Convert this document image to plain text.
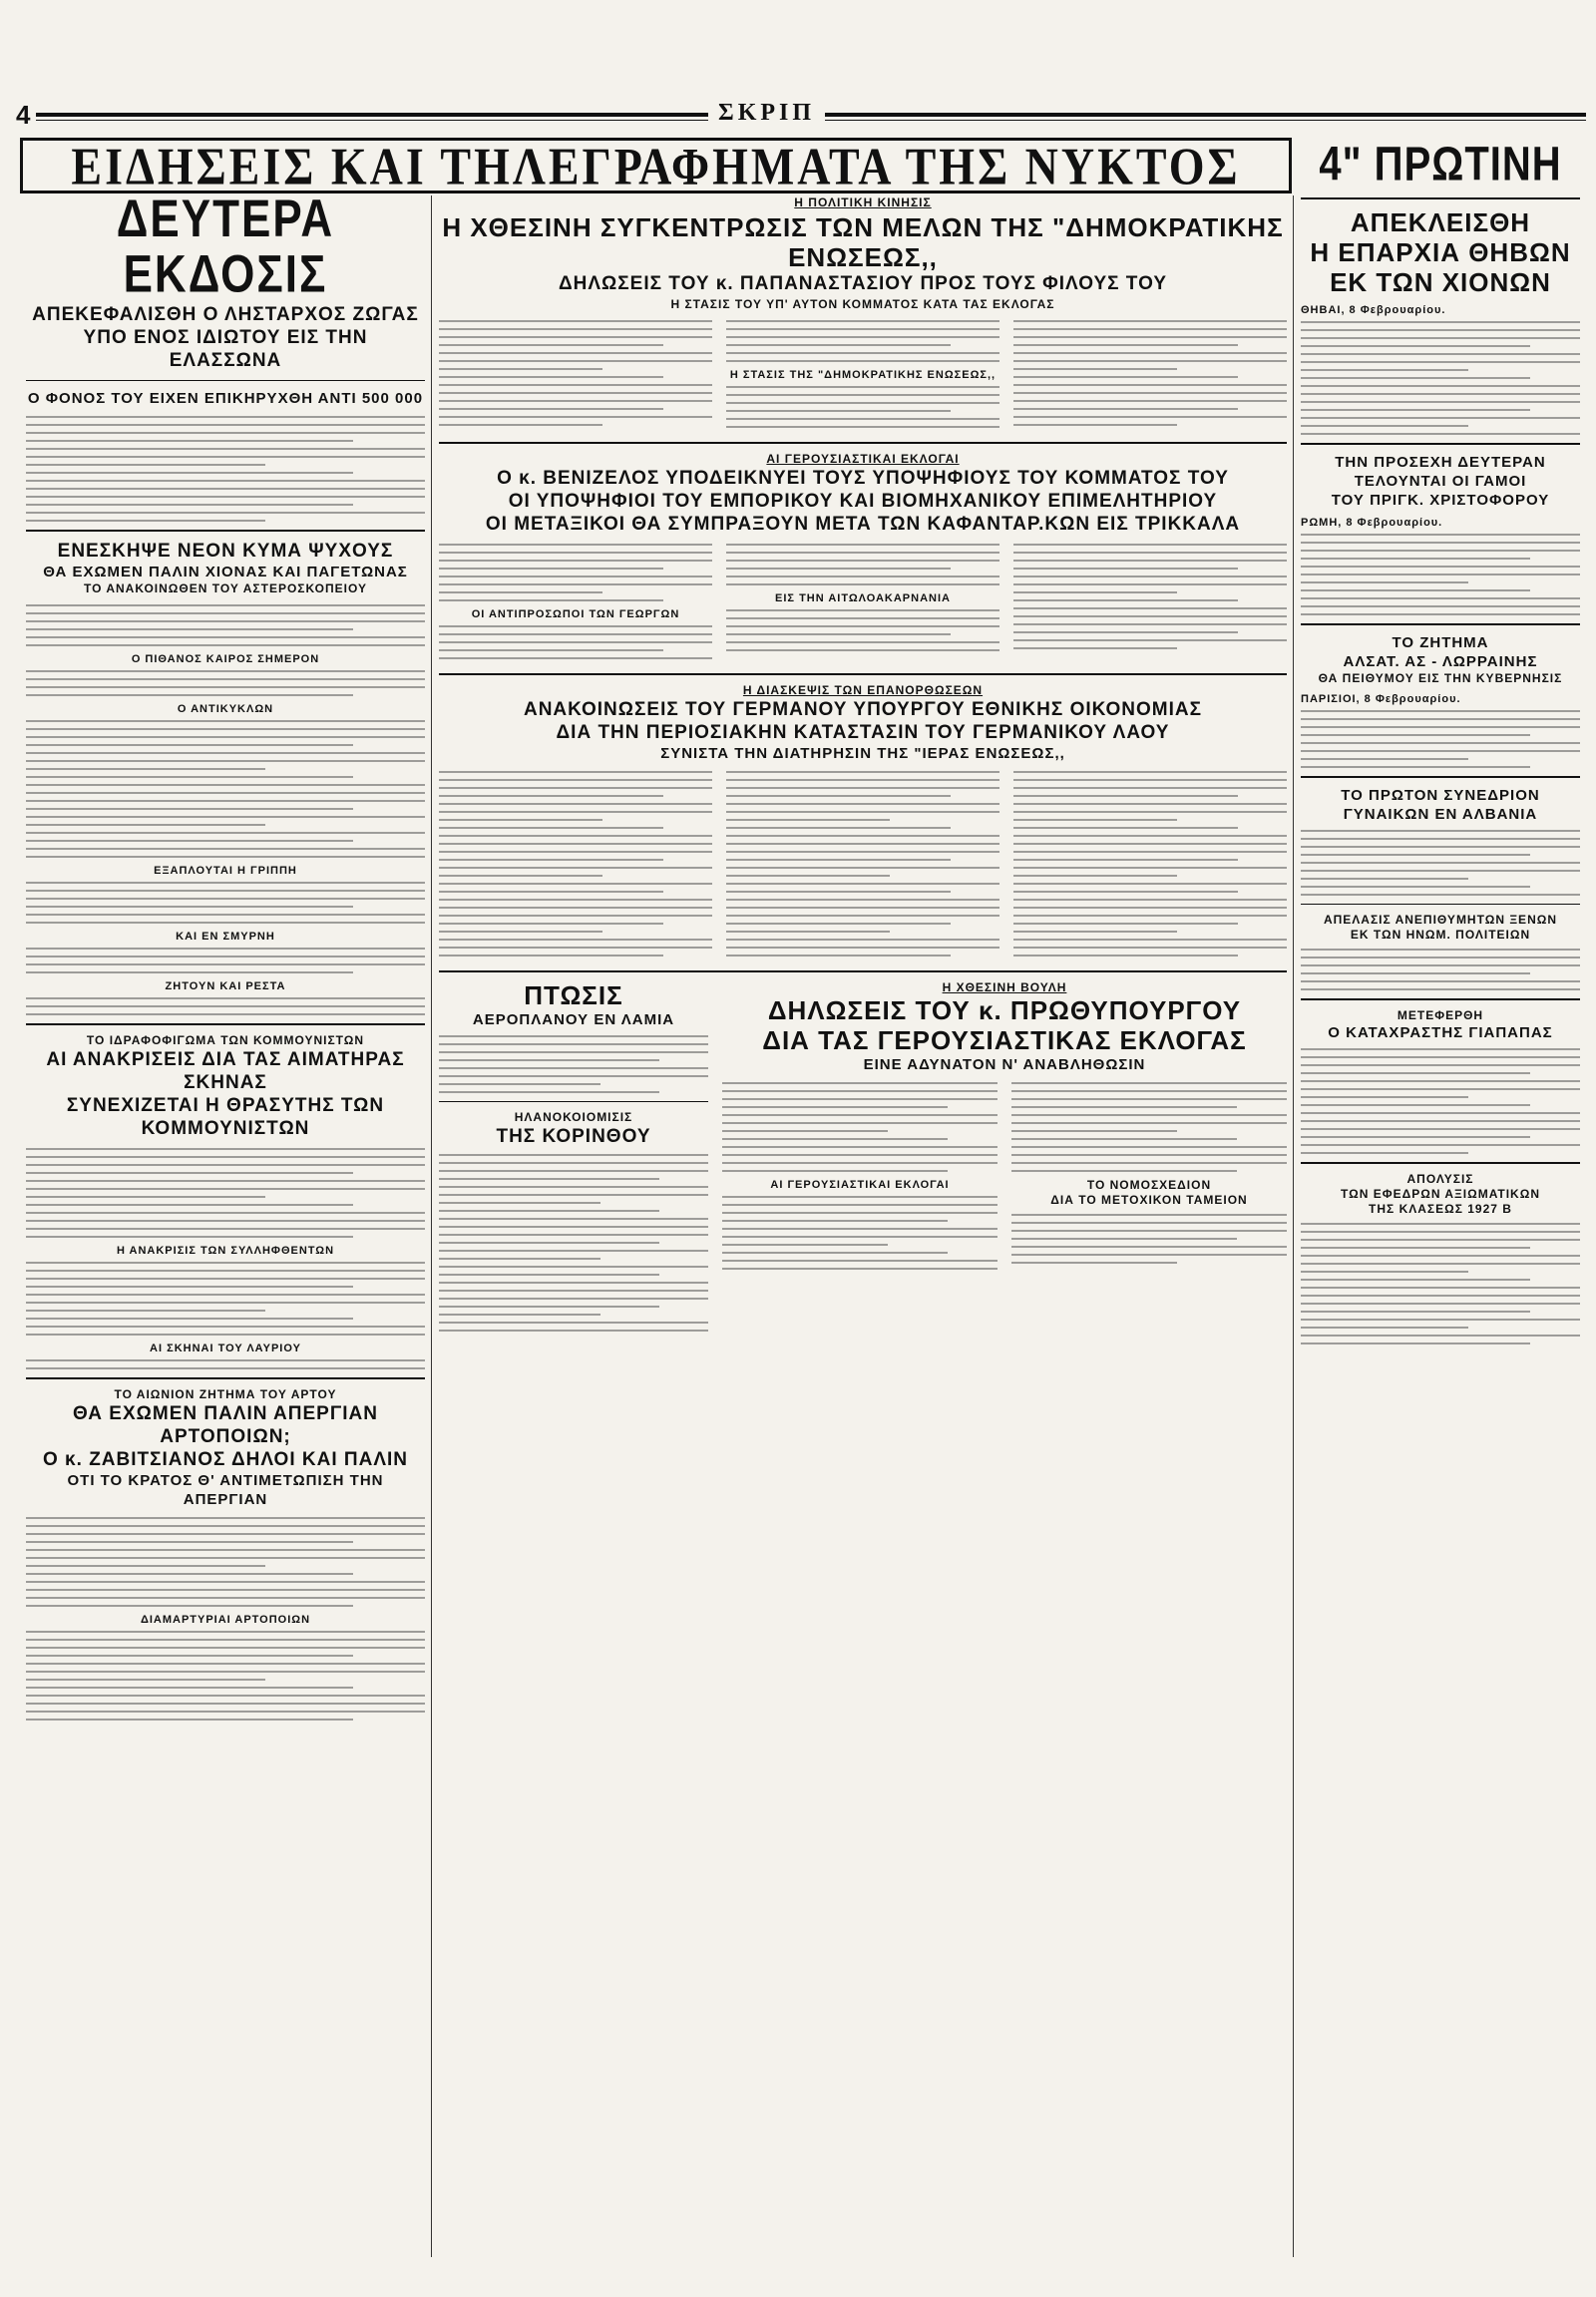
4	ΣΚΡΙΠ
ΕΙΔΗΣΕΙΣ ΚΑΙ ΤΗΛΕΓΡΑΦΗΜΑΤΑ ΤΗΣ ΝΥΚΤΟΣ
ΔΕΥΤΕΡΑ ΕΚΔΟΣΙΣ
ΑΠΕΚΕΦΑΛΙΣΘΗ Ο ΛΗΣΤΑΡΧΟΣ ΖΩΓΑΣ
ΥΠΟ ΕΝΟΣ ΙΔΙΩΤΟΥ ΕΙΣ ΤΗΝ ΕΛΑΣΣΩΝΑ
Ο ΦΟΝΟΣ ΤΟΥ ΕΙΧΕΝ ΕΠΙΚΗΡΥΧΘΗ ΑΝΤΙ 500 000
ΕΝΕΣΚΗΨΕ ΝΕΟΝ ΚΥΜΑ ΨΥΧΟΥΣ
ΘΑ ΕΧΩΜΕΝ ΠΑΛΙΝ ΧΙΟΝΑΣ ΚΑΙ ΠΑΓΕΤΩΝΑΣ
ΤΟ ΑΝΑΚΟΙΝΩΘΕΝ ΤΟΥ ΑΣΤΕΡΟΣΚΟΠΕΙΟΥ
Ο ΠΙΘΑΝΟΣ ΚΑΙΡΟΣ ΣΗΜΕΡΟΝ
Ο ΑΝΤΙΚΥΚΛΩΝ
ΕΞΑΠΛΟΥΤΑΙ Η ΓΡΙΠΠΗ
ΚΑΙ ΕΝ ΣΜΥΡΝΗ
ΖΗΤΟΥΝ ΚΑΙ ΡΕΣΤΑ
ΤΟ ΙΔΡΑΦΟΦΙΓΩΜΑ ΤΩΝ ΚΟΜΜΟΥΝΙΣΤΩΝ
ΑΙ ΑΝΑΚΡΙΣΕΙΣ ΔΙΑ ΤΑΣ ΑΙΜΑΤΗΡΑΣ ΣΚΗΝΑΣ
ΣΥΝΕΧΙΖΕΤΑΙ Η ΘΡΑΣΥΤΗΣ ΤΩΝ ΚΟΜΜΟΥΝΙΣΤΩΝ
Η ΑΝΑΚΡΙΣΙΣ ΤΩΝ ΣΥΛΛΗΦΘΕΝΤΩΝ
ΑΙ ΣΚΗΝΑΙ ΤΟΥ ΛΑΥΡΙΟΥ
ΤΟ ΑΙΩΝΙΟΝ ΖΗΤΗΜΑ ΤΟΥ ΑΡΤΟΥ
ΘΑ ΕΧΩΜΕΝ ΠΑΛΙΝ ΑΠΕΡΓΙΑΝ ΑΡΤΟΠΟΙΩΝ;
Ο κ. ΖΑΒΙΤΣΙΑΝΟΣ ΔΗΛΟΙ ΚΑΙ ΠΑΛΙΝ
ΟΤΙ ΤΟ ΚΡΑΤΟΣ Θ' ΑΝΤΙΜΕΤΩΠΙΣΗ ΤΗΝ ΑΠΕΡΓΙΑΝ
ΔΙΑΜΑΡΤΥΡΙΑΙ ΑΡΤΟΠΟΙΩΝ
Η ΠΟΛΙΤΙΚΗ ΚΙΝΗΣΙΣ
Η ΧΘΕΣΙΝΗ ΣΥΓΚΕΝΤΡΩΣΙΣ ΤΩΝ ΜΕΛΩΝ ΤΗΣ "ΔΗΜΟΚΡΑΤΙΚΗΣ ΕΝΩΣΕΩΣ,,
ΔΗΛΩΣΕΙΣ ΤΟΥ κ. ΠΑΠΑΝΑΣΤΑΣΙΟΥ ΠΡΟΣ ΤΟΥΣ ΦΙΛΟΥΣ ΤΟΥ
Η ΣΤΑΣΙΣ ΤΟΥ ΥΠ' ΑΥΤΟΝ ΚΟΜΜΑΤΟΣ ΚΑΤΑ ΤΑΣ ΕΚΛΟΓΑΣ
Η ΣΤΑΣΙΣ ΤΗΣ "ΔΗΜΟΚΡΑΤΙΚΗΣ ΕΝΩΣΕΩΣ,,
ΑΙ ΓΕΡΟΥΣΙΑΣΤΙΚΑΙ ΕΚΛΟΓΑΙ
Ο κ. ΒΕΝΙΖΕΛΟΣ ΥΠΟΔΕΙΚΝΥΕΙ ΤΟΥΣ ΥΠΟΨΗΦΙΟΥΣ ΤΟΥ ΚΟΜΜΑΤΟΣ ΤΟΥ
ΟΙ ΥΠΟΨΗΦΙΟΙ ΤΟΥ ΕΜΠΟΡΙΚΟΥ ΚΑΙ ΒΙΟΜΗΧΑΝΙΚΟΥ ΕΠΙΜΕΛΗΤΗΡΙΟΥ
ΟΙ ΜΕΤΑΞΙΚΟΙ ΘΑ ΣΥΜΠΡΑΞΟΥΝ ΜΕΤΑ ΤΩΝ ΚΑΦΑΝΤΑΡ.ΚΩΝ ΕΙΣ ΤΡΙΚΚΑΛΑ
ΟΙ ΑΝΤΙΠΡΟΣΩΠΟΙ ΤΩΝ ΓΕΩΡΓΩΝ
ΕΙΣ ΤΗΝ ΑΙΤΩΛΟΑΚΑΡΝΑΝΙΑ
Η ΔΙΑΣΚΕΨΙΣ ΤΩΝ ΕΠΑΝΟΡΘΩΣΕΩΝ
ΑΝΑΚΟΙΝΩΣΕΙΣ ΤΟΥ ΓΕΡΜΑΝΟΥ ΥΠΟΥΡΓΟΥ ΕΘΝΙΚΗΣ ΟΙΚΟΝΟΜΙΑΣ
ΔΙΑ ΤΗΝ ΠΕΡΙΟΣΙΑΚΗΝ ΚΑΤΑΣΤΑΣΙΝ ΤΟΥ ΓΕΡΜΑΝΙΚΟΥ ΛΑΟΥ
ΣΥΝΙΣΤΑ ΤΗΝ ΔΙΑΤΗΡΗΣΙΝ ΤΗΣ "ΙΕΡΑΣ ΕΝΩΣΕΩΣ,,
ΠΤΩΣΙΣ
ΑΕΡΟΠΛΑΝΟΥ ΕΝ ΛΑΜΙΑ
ΗΛΑΝΟΚΟΙΟΜΙΣΙΣ
ΤΗΣ ΚΟΡΙΝΘΟΥ
Η ΧΘΕΣΙΝΗ ΒΟΥΛΗ
ΔΗΛΩΣΕΙΣ ΤΟΥ κ. ΠΡΩΘΥΠΟΥΡΓΟΥ
ΔΙΑ ΤΑΣ ΓΕΡΟΥΣΙΑΣΤΙΚΑΣ ΕΚΛΟΓΑΣ
ΕΙΝΕ ΑΔΥΝΑΤΟΝ Ν' ΑΝΑΒΛΗΘΩΣΙΝ
ΑΙ ΓΕΡΟΥΣΙΑΣΤΙΚΑΙ ΕΚΛΟΓΑΙ	ΤΟ ΝΟΜΟΣΧΕΔΙΟΝ
ΔΙΑ ΤΟ ΜΕΤΟΧΙΚΟΝ ΤΑΜΕΙΟΝ
4" ΠΡΩΤΙΝΗ
ΑΠΕΚΛΕΙΣΘΗ
Η ΕΠΑΡΧΙΑ ΘΗΒΩΝ
ΕΚ ΤΩΝ ΧΙΟΝΩΝ
ΘΗΒΑΙ, 8 Φεβρουαρίου.
ΤΗΝ ΠΡΟΣΕΧΗ ΔΕΥΤΕΡΑΝ
ΤΕΛΟΥΝΤΑΙ ΟΙ ΓΑΜΟΙ
ΤΟΥ ΠΡΙΓΚ. ΧΡΙΣΤΟΦΟΡΟΥ
ΡΩΜΗ, 8 Φεβρουαρίου.
ΤΟ ΖΗΤΗΜΑ
ΑΛΣΑΤ. ΑΣ - ΛΩΡΡΑΙΝΗΣ
ΘΑ ΠΕΙΘΥΜΟΥ ΕΙΣ ΤΗΝ ΚΥΒΕΡΝΗΣΙΣ
ΠΑΡΙΣΙΟΙ, 8 Φεβρουαρίου.
ΤΟ ΠΡΩΤΟΝ ΣΥΝΕΔΡΙΟΝ
ΓΥΝΑΙΚΩΝ ΕΝ ΑΛΒΑΝΙΑ
ΑΠΕΛΑΣΙΣ ΑΝΕΠΙΘΥΜΗΤΩΝ ΞΕΝΩΝ
ΕΚ ΤΩΝ ΗΝΩΜ. ΠΟΛΙΤΕΙΩΝ
ΜΕΤΕΦΕΡΘΗ
Ο ΚΑΤΑΧΡΑΣΤΗΣ ΓΙΑΠΑΠΑΣ
ΑΠΟΛΥΣΙΣ
ΤΩΝ ΕΦΕΔΡΩΝ ΑΞΙΩΜΑΤΙΚΩΝ
ΤΗΣ ΚΛΑΣΕΩΣ 1927 Β
